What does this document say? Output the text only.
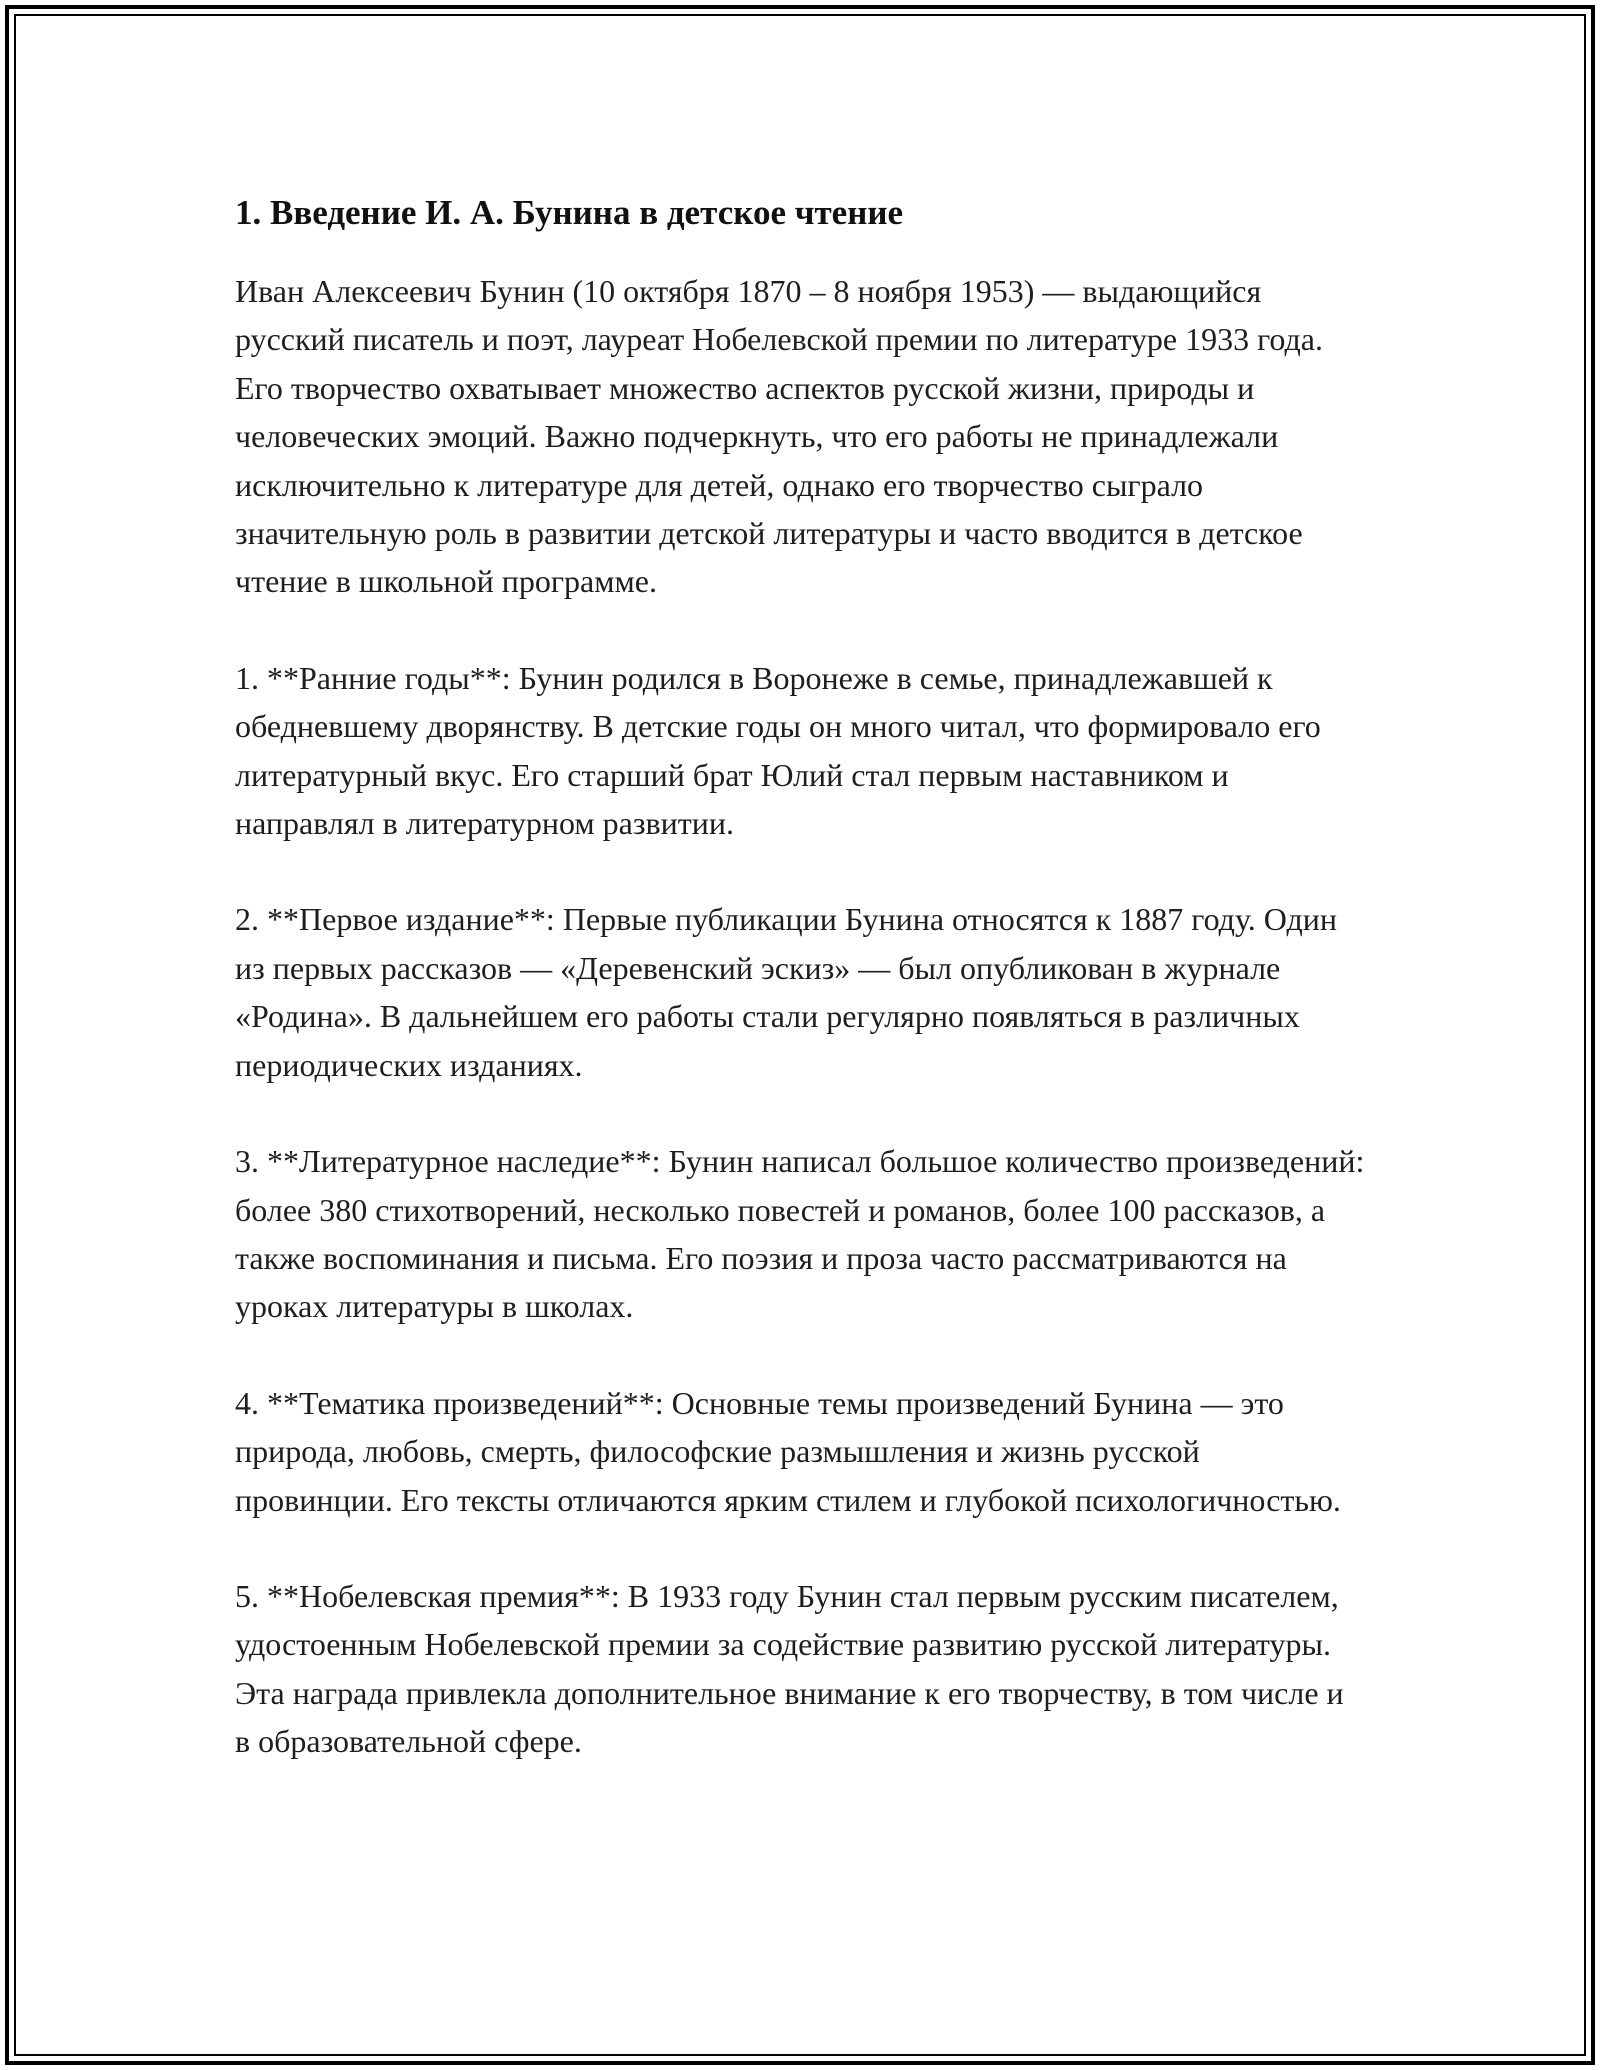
1. Введение И. А. Бунина в детское чтение

Иван Алексеевич Бунин (10 октября 1870 – 8 ноября 1953) — выдающийся русский писатель и поэт, лауреат Нобелевской премии по литературе 1933 года. Его творчество охватывает множество аспектов русской жизни, природы и человеческих эмоций. Важно подчеркнуть, что его работы не принадлежали исключительно к литературе для детей, однако его творчество сыграло значительную роль в развитии детской литературы и часто вводится в детское чтение в школьной программе.

1. **Ранние годы**: Бунин родился в Воронеже в семье, принадлежавшей к обедневшему дворянству. В детские годы он много читал, что формировало его литературный вкус. Его старший брат Юлий стал первым наставником и направлял в литературном развитии.

2. **Первое издание**: Первые публикации Бунина относятся к 1887 году. Один из первых рассказов — «Деревенский эскиз» — был опубликован в журнале «Родина». В дальнейшем его работы стали регулярно появляться в различных периодических изданиях.

3. **Литературное наследие**: Бунин написал большое количество произведений: более 380 стихотворений, несколько повестей и романов, более 100 рассказов, а также воспоминания и письма. Его поэзия и проза часто рассматриваются на уроках литературы в школах.

4. **Тематика произведений**: Основные темы произведений Бунина — это природа, любовь, смерть, философские размышления и жизнь русской провинции. Его тексты отличаются ярким стилем и глубокой психологичностью.

5. **Нобелевская премия**: В 1933 году Бунин стал первым русским писателем, удостоенным Нобелевской премии за содействие развитию русской литературы. Эта награда привлекла дополнительное внимание к его творчеству, в том числе и в образовательной сфере.
